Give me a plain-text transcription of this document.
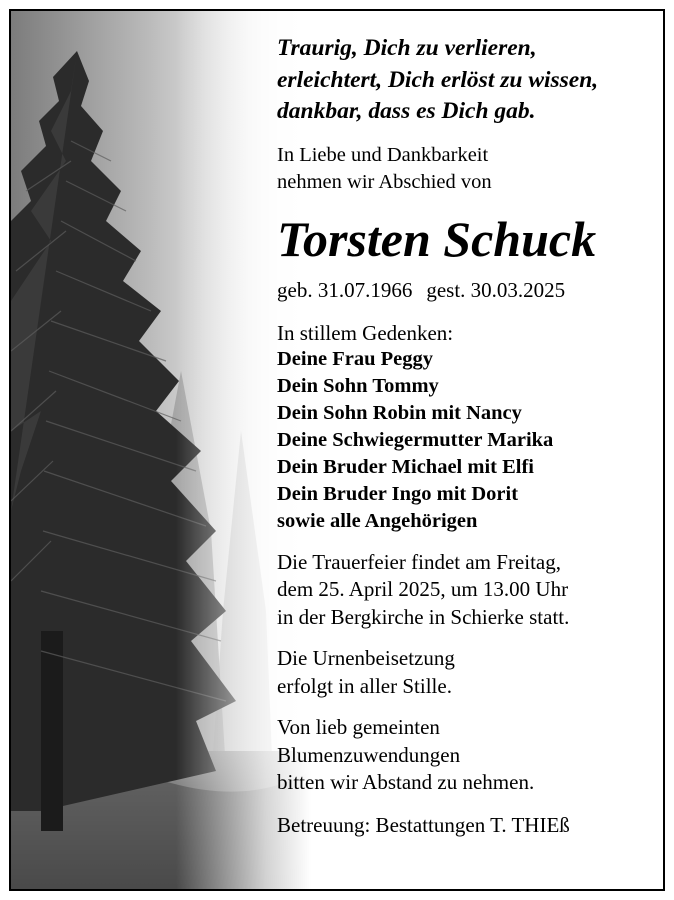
Traurig, Dich zu verlieren,
erleichtert, Dich erlöst zu wissen,
dankbar, dass es Dich gab.

In Liebe und Dankbarkeit
nehmen wir Abschied von

Torsten Schuck

geb. 31.07.1966 gest. 30.03.2025

In stillem Gedenken:

Deine Frau Peggy
Dein Sohn Tommy
Dein Sohn Robin mit Nancy
Deine Schwiegermutter Marika
Dein Bruder Michael mit Elfi
Dein Bruder Ingo mit Dorit
sowie alle Angehörigen

Die Trauerfeier findet am Freitag,
dem 25. April 2025, um 13.00 Uhr
in der Bergkirche in Schierke statt.

Die Urnenbeisetzung
erfolgt in aller Stille.

Von lieb gemeinten
Blumenzuwendungen
bitten wir Abstand zu nehmen.

Betreuung: Bestattungen T. THIEß
